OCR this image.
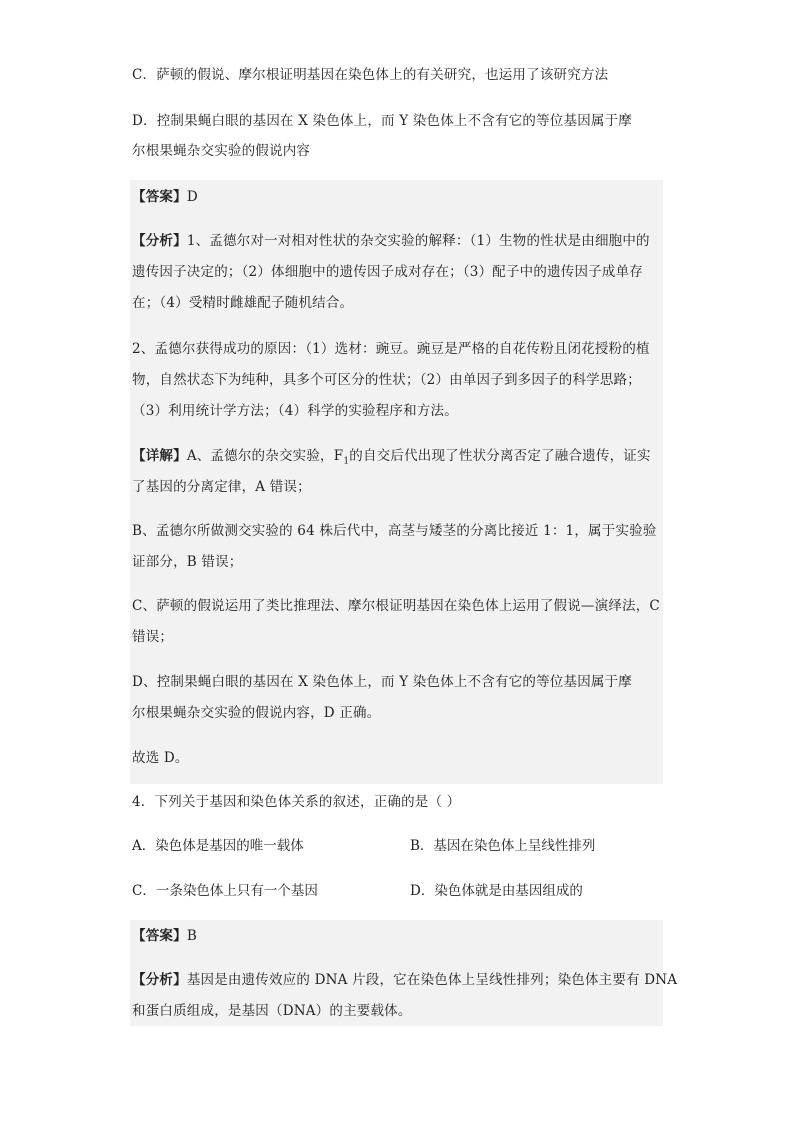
C．萨顿的假说、摩尔根证明基因在染色体上的有关研究，也运用了该研究方法
D．控制果蝇白眼的基因在 X 染色体上，而 Y 染色体上不含有它的等位基因属于摩
尔根果蝇杂交实验的假说内容
【答案】D
【分析】1、孟德尔对一对相对性状的杂交实验的解释：（1）生物的性状是由细胞中的
遗传因子决定的；（2）体细胞中的遗传因子成对存在；（3）配子中的遗传因子成单存
在；（4）受精时雌雄配子随机结合。
2、孟德尔获得成功的原因：（1）选材：豌豆。豌豆是严格的自花传粉且闭花授粉的植
物，自然状态下为纯种，具多个可区分的性状；（2）由单因子到多因子的科学思路；
（3）利用统计学方法；（4）科学的实验程序和方法。
【详解】A、孟德尔的杂交实验，$F_1$的自交后代出现了性状分离否定了融合遗传，证实
了基因的分离定律，A 错误；
B、孟德尔所做测交实验的 64 株后代中，高茎与矮茎的分离比接近 1：1，属于实验验
证部分，B 错误；
C、萨顿的假说运用了类比推理法、摩尔根证明基因在染色体上运用了假说—演绎法，C
错误；
D、控制果蝇白眼的基因在 X 染色体上，而 Y 染色体上不含有它的等位基因属于摩
尔根果蝇杂交实验的假说内容，D 正确。
故选 D。
4．下列关于基因和染色体关系的叙述，正确的是（ ）
A．染色体是基因的唯一载体	B．基因在染色体上呈线性排列
C．一条染色体上只有一个基因	D．染色体就是由基因组成的
【答案】B
【分析】基因是由遗传效应的 DNA 片段，它在染色体上呈线性排列；染色体主要有 DNA
和蛋白质组成，是基因（DNA）的主要载体。
